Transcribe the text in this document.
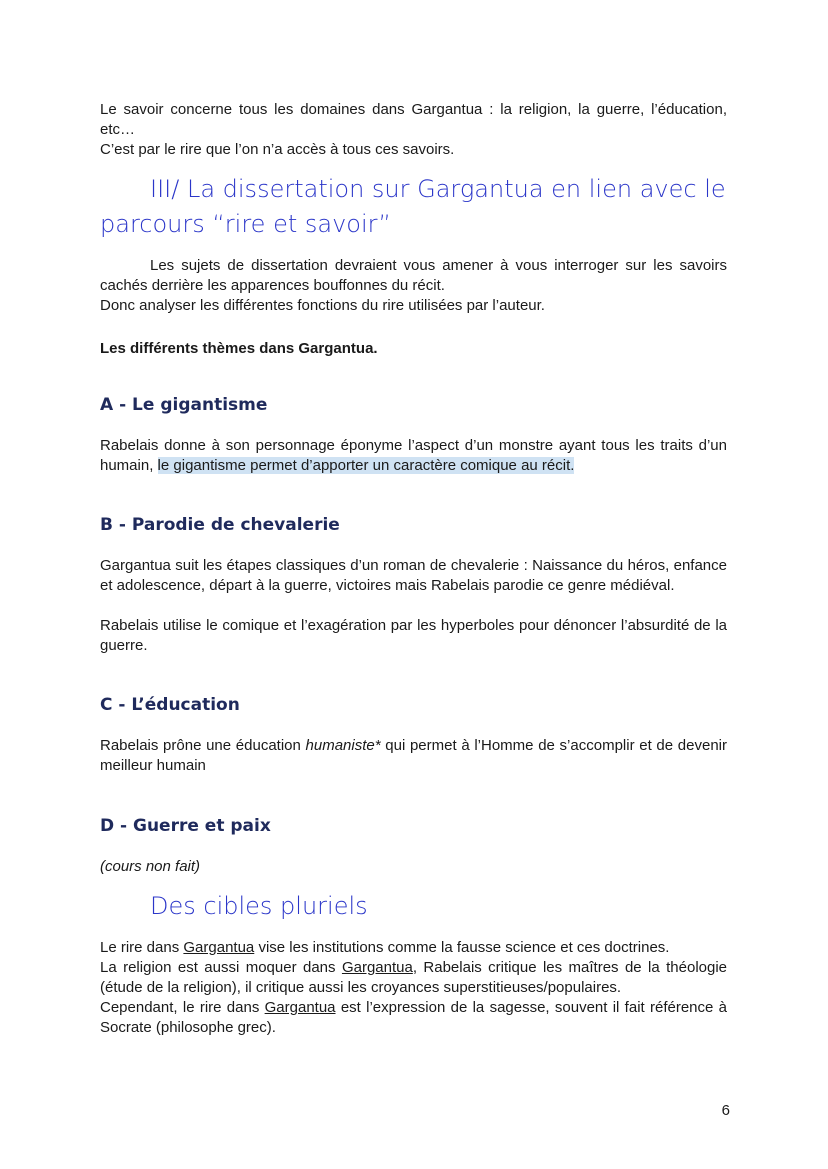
Le savoir concerne tous les domaines dans Gargantua : la religion, la guerre, l’éducation, etc…

C’est par le rire que l’on n’a accès à tous ces savoirs.

III/ La dissertation sur Gargantua en lien avec le
parcours “rire et savoir”

Les sujets de dissertation devraient vous amener à vous interroger sur les savoirs cachés derrière les apparences bouffonnes du récit.

Donc analyser les différentes fonctions du rire utilisées par l’auteur.

Les différents thèmes dans Gargantua.

A - Le gigantisme

Rabelais donne à son personnage éponyme l’aspect d’un monstre ayant tous les traits d’un humain, le gigantisme permet d’apporter un caractère comique au récit.

B - Parodie de chevalerie

Gargantua suit les étapes classiques d’un roman de chevalerie : Naissance du héros, enfance et adolescence, départ à la guerre, victoires mais Rabelais parodie ce genre médiéval.

Rabelais utilise le comique et l’exagération par les hyperboles pour dénoncer l’absurdité de la guerre.

C - L’éducation

Rabelais prône une éducation humaniste* qui permet à l’Homme de s’accomplir et de devenir meilleur humain

D - Guerre et paix

(cours non fait)

Des cibles pluriels

Le rire dans Gargantua vise les institutions comme la fausse science et ces doctrines.

La religion est aussi moquer dans Gargantua, Rabelais critique les maîtres de la théologie (étude de la religion), il critique aussi les croyances superstitieuses/populaires.

Cependant, le rire dans Gargantua est l’expression de la sagesse, souvent il fait référence à Socrate (philosophe grec).

6
